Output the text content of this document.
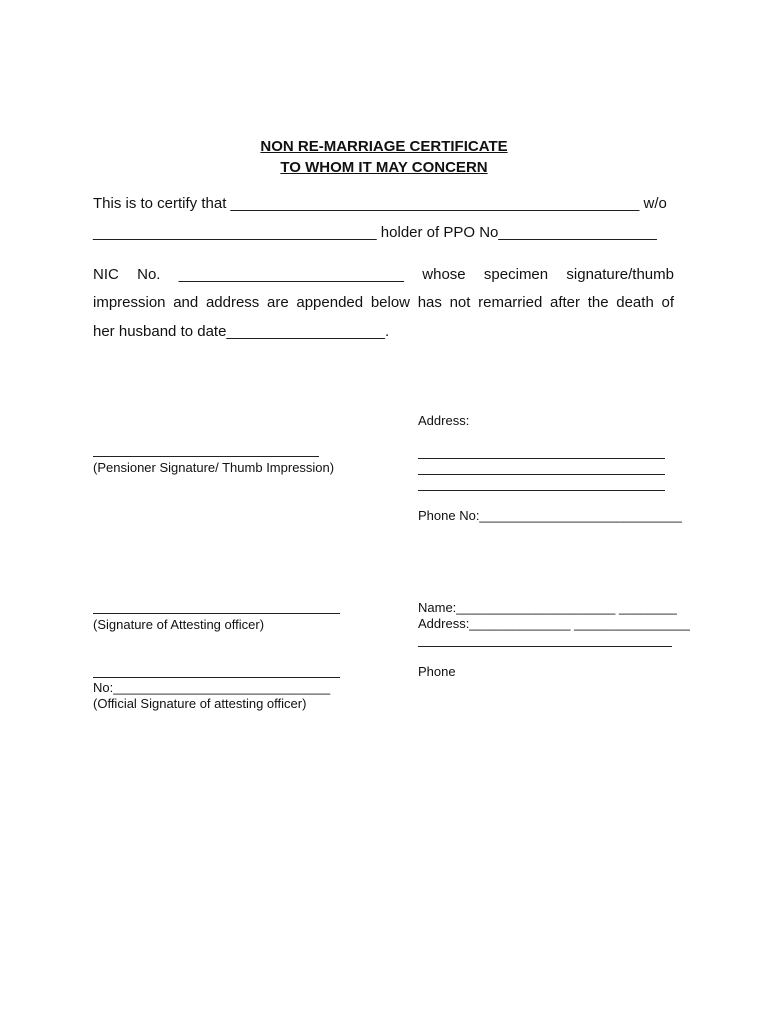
NON RE-MARRIAGE CERTIFICATE
TO WHOM IT MAY CONCERN
This is to certify that _________________________________________________ w/o
__________________________________ holder of PPO No___________________
NIC No. ___________________________ whose specimen signature/thumb
impression and address are appended below has not remarried after the death of
her husband to date___________________.
(Pensioner Signature/ Thumb Impression)
(Signature of Attesting officer)
No:______________________________
(Official Signature of attesting officer)
Address:
Phone No:____________________________
Name:______________________ ________
Address:______________ ________________
Phone
